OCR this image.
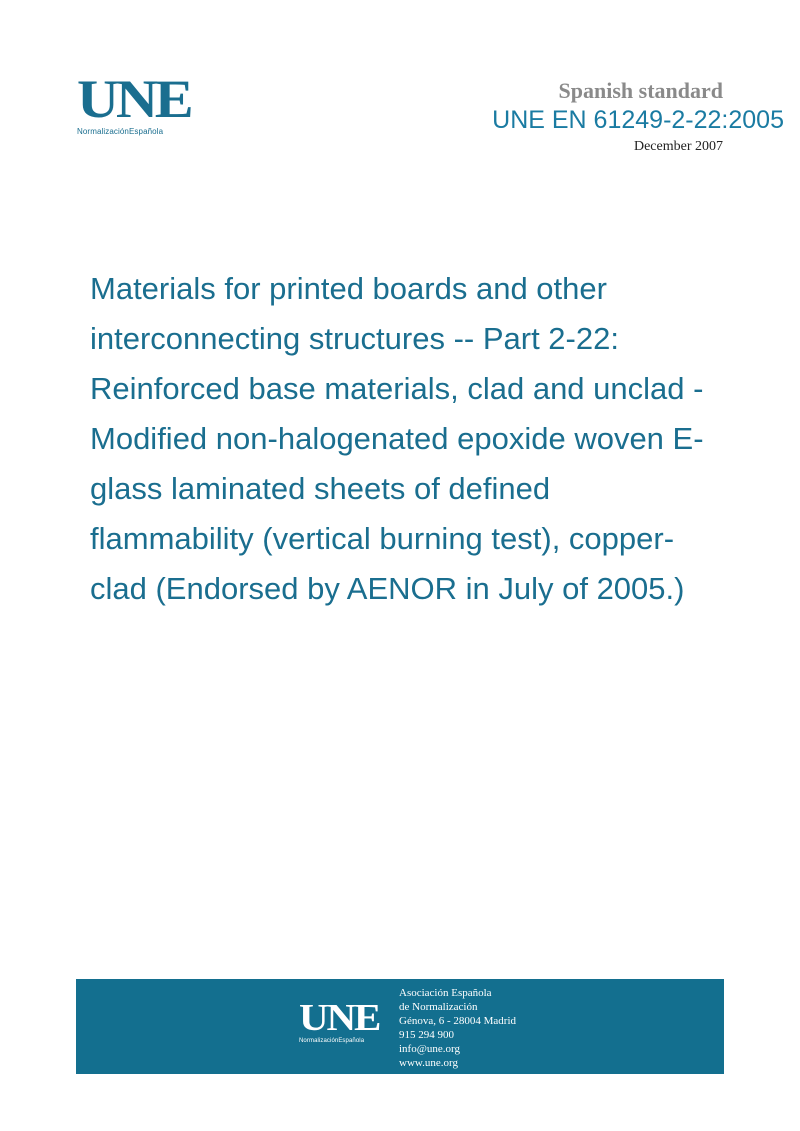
UNE
NormalizaciónEspañola
Spanish standard
UNE EN 61249-2-22:2005
December 2007
Materials for printed boards and other interconnecting structures -- Part 2-22: Reinforced base materials, clad and unclad - Modified non-halogenated epoxide woven E-glass laminated sheets of defined flammability (vertical burning test), copper-clad (Endorsed by AENOR in July of 2005.)
UNE
NormalizaciónEspañola
Asociación Española
de Normalización
Génova, 6 - 28004 Madrid
915 294 900
info@une.org
www.une.org
